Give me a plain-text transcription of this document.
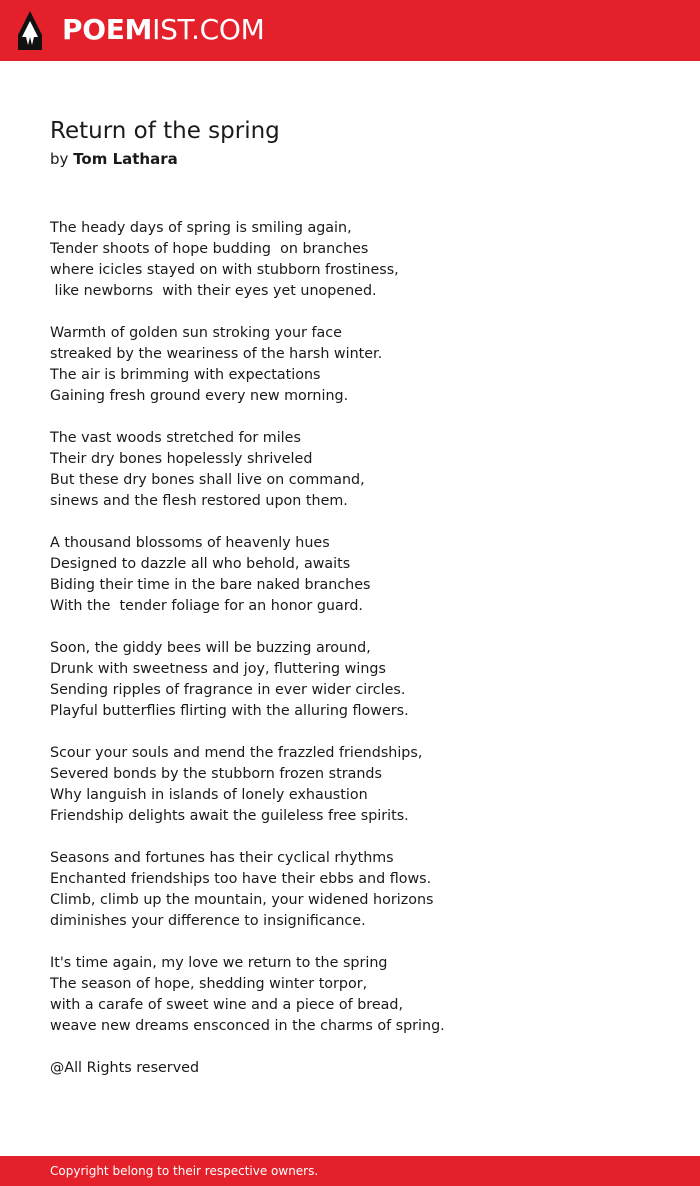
POEMIST.COM
Return of the spring
by Tom Lathara
The heady days of spring is smiling again,
Tender shoots of hope budding  on branches
where icicles stayed on with stubborn frostiness,
like newborns  with their eyes yet unopened.
Warmth of golden sun stroking your face
streaked by the weariness of the harsh winter.
The air is brimming with expectations
Gaining fresh ground every new morning.
The vast woods stretched for miles
Their dry bones hopelessly shriveled
But these dry bones shall live on command,
sinews and the flesh restored upon them.
A thousand blossoms of heavenly hues
Designed to dazzle all who behold, awaits
Biding their time in the bare naked branches
With the  tender foliage for an honor guard.
Soon, the giddy bees will be buzzing around,
Drunk with sweetness and joy, fluttering wings
Sending ripples of fragrance in ever wider circles.
Playful butterflies flirting with the alluring flowers.
Scour your souls and mend the frazzled friendships,
Severed bonds by the stubborn frozen strands
Why languish in islands of lonely exhaustion
Friendship delights await the guileless free spirits.
Seasons and fortunes has their cyclical rhythms
Enchanted friendships too have their ebbs and flows.
Climb, climb up the mountain, your widened horizons
diminishes your difference to insignificance.
It's time again, my love we return to the spring
The season of hope, shedding winter torpor,
with a carafe of sweet wine and a piece of bread,
weave new dreams ensconced in the charms of spring.
@All Rights reserved
Copyright belong to their respective owners.
